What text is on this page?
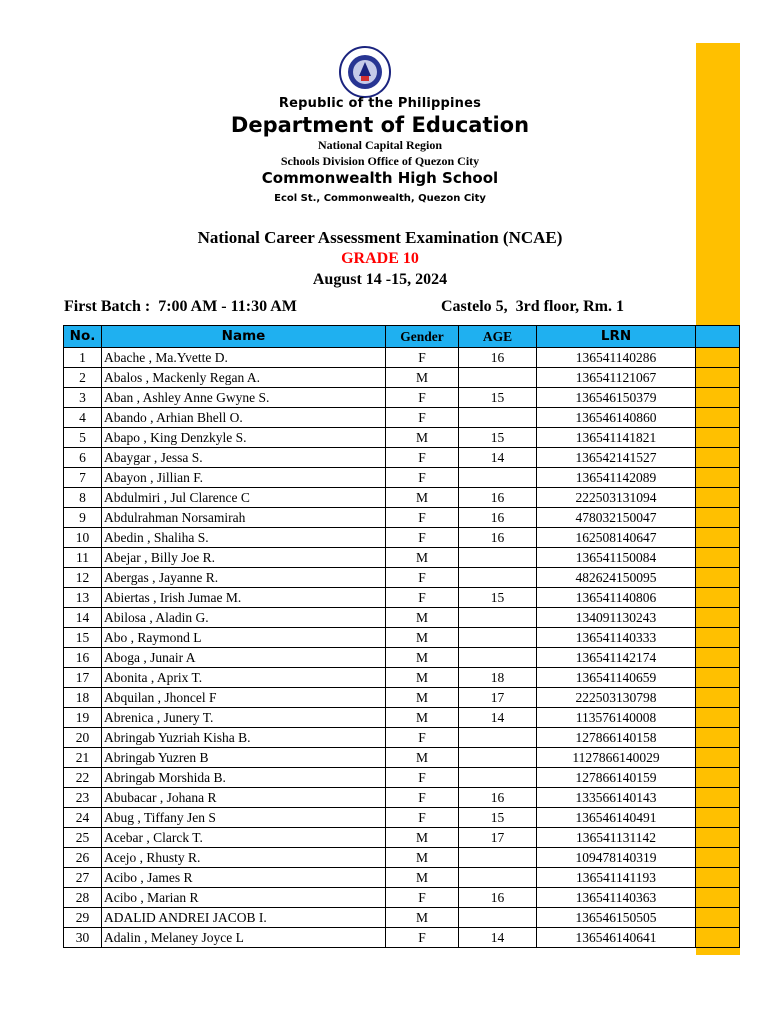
Republic of the Philippines
Department of Education
National Capital Region
Schools Division Office of Quezon City
Commonwealth High School
Ecol St., Commonwealth, Quezon City
National Career Assessment Examination (NCAE)
GRADE 10
August 14 -15, 2024
First Batch :  7:00 AM - 11:30 AM	Castelo 5,  3rd floor, Rm. 1
No.	Name	Gender	AGE	LRN	
1	Abache , Ma.Yvette D.	F	16	136541140286	
2	Abalos , Mackenly Regan A.	M		136541121067	
3	Aban , Ashley Anne Gwyne S.	F	15	136546150379	
4	Abando , Arhian Bhell O.	F		136546140860	
5	Abapo , King Denzkyle S.	M	15	136541141821	
6	Abaygar , Jessa S.	F	14	136542141527	
7	Abayon , Jillian F.	F		136541142089	
8	Abdulmiri , Jul Clarence C	M	16	222503131094	
9	Abdulrahman Norsamirah	F	16	478032150047	
10	Abedin , Shaliha S.	F	16	162508140647	
11	Abejar , Billy Joe R.	M		136541150084	
12	Abergas , Jayanne R.	F		482624150095	
13	Abiertas , Irish Jumae M.	F	15	136541140806	
14	Abilosa , Aladin G.	M		134091130243	
15	Abo , Raymond L	M		136541140333	
16	Aboga , Junair A	M		136541142174	
17	Abonita , Aprix T.	M	18	136541140659	
18	Abquilan , Jhoncel F	M	17	222503130798	
19	Abrenica , Junery T.	M	14	113576140008	
20	Abringab Yuzriah Kisha B.	F		127866140158	
21	Abringab Yuzren B	M		1127866140029	
22	Abringab Morshida B.	F		127866140159	
23	Abubacar , Johana R	F	16	133566140143	
24	Abug , Tiffany Jen S	F	15	136546140491	
25	Acebar , Clarck T.	M	17	136541131142	
26	Acejo , Rhusty R.	M		109478140319	
27	Acibo , James R	M		136541141193	
28	Acibo , Marian R	F	16	136541140363	
29	ADALID ANDREI JACOB I.	M		136546150505	
30	Adalin , Melaney Joyce L	F	14	136546140641	
